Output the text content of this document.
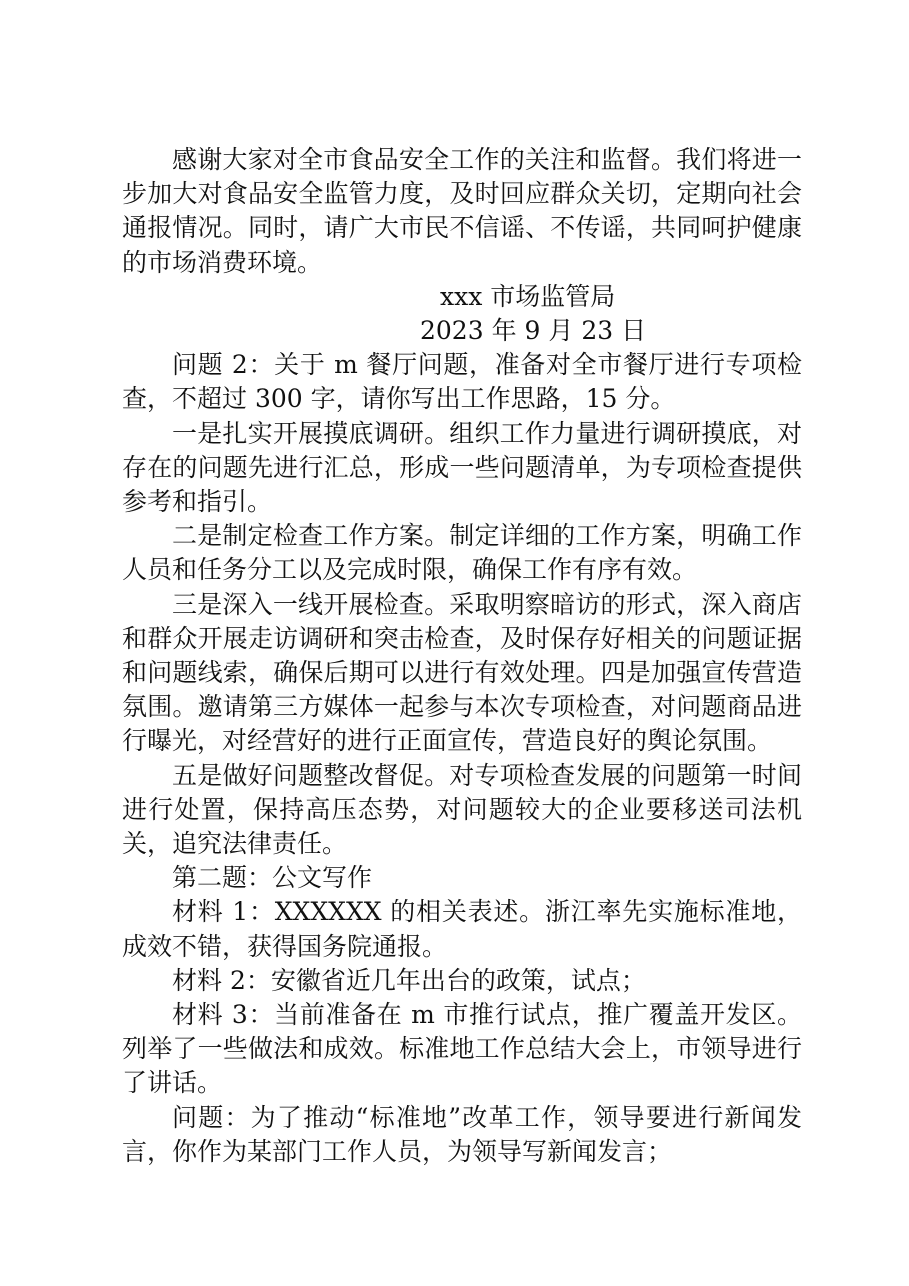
感谢大家对全市食品安全工作的关注和监督。我们将进一步加大对食品安全监管力度，及时回应群众关切，定期向社会通报情况。同时，请广大市民不信谣、不传谣，共同呵护健康的市场消费环境。

xxx 市场监管局

2023 年 9 月 23 日

问题 2：关于 m 餐厅问题，准备对全市餐厅进行专项检查，不超过 300 字，请你写出工作思路，15 分。

一是扎实开展摸底调研。组织工作力量进行调研摸底，对存在的问题先进行汇总，形成一些问题清单，为专项检查提供参考和指引。

二是制定检查工作方案。制定详细的工作方案，明确工作人员和任务分工以及完成时限，确保工作有序有效。

三是深入一线开展检查。采取明察暗访的形式，深入商店和群众开展走访调研和突击检查，及时保存好相关的问题证据和问题线索，确保后期可以进行有效处理。四是加强宣传营造氛围。邀请第三方媒体一起参与本次专项检查，对问题商品进行曝光，对经营好的进行正面宣传，营造良好的舆论氛围。

五是做好问题整改督促。对专项检查发展的问题第一时间进行处置，保持高压态势，对问题较大的企业要移送司法机关，追究法律责任。

第二题：公文写作

材料 1：XXXXXX 的相关表述。浙江率先实施标准地，成效不错，获得国务院通报。

材料 2：安徽省近几年出台的政策，试点；

材料 3：当前准备在 m 市推行试点，推广覆盖开发区。列举了一些做法和成效。标准地工作总结大会上，市领导进行了讲话。

问题：为了推动“标准地”改革工作，领导要进行新闻发言，你作为某部门工作人员，为领导写新闻发言；
